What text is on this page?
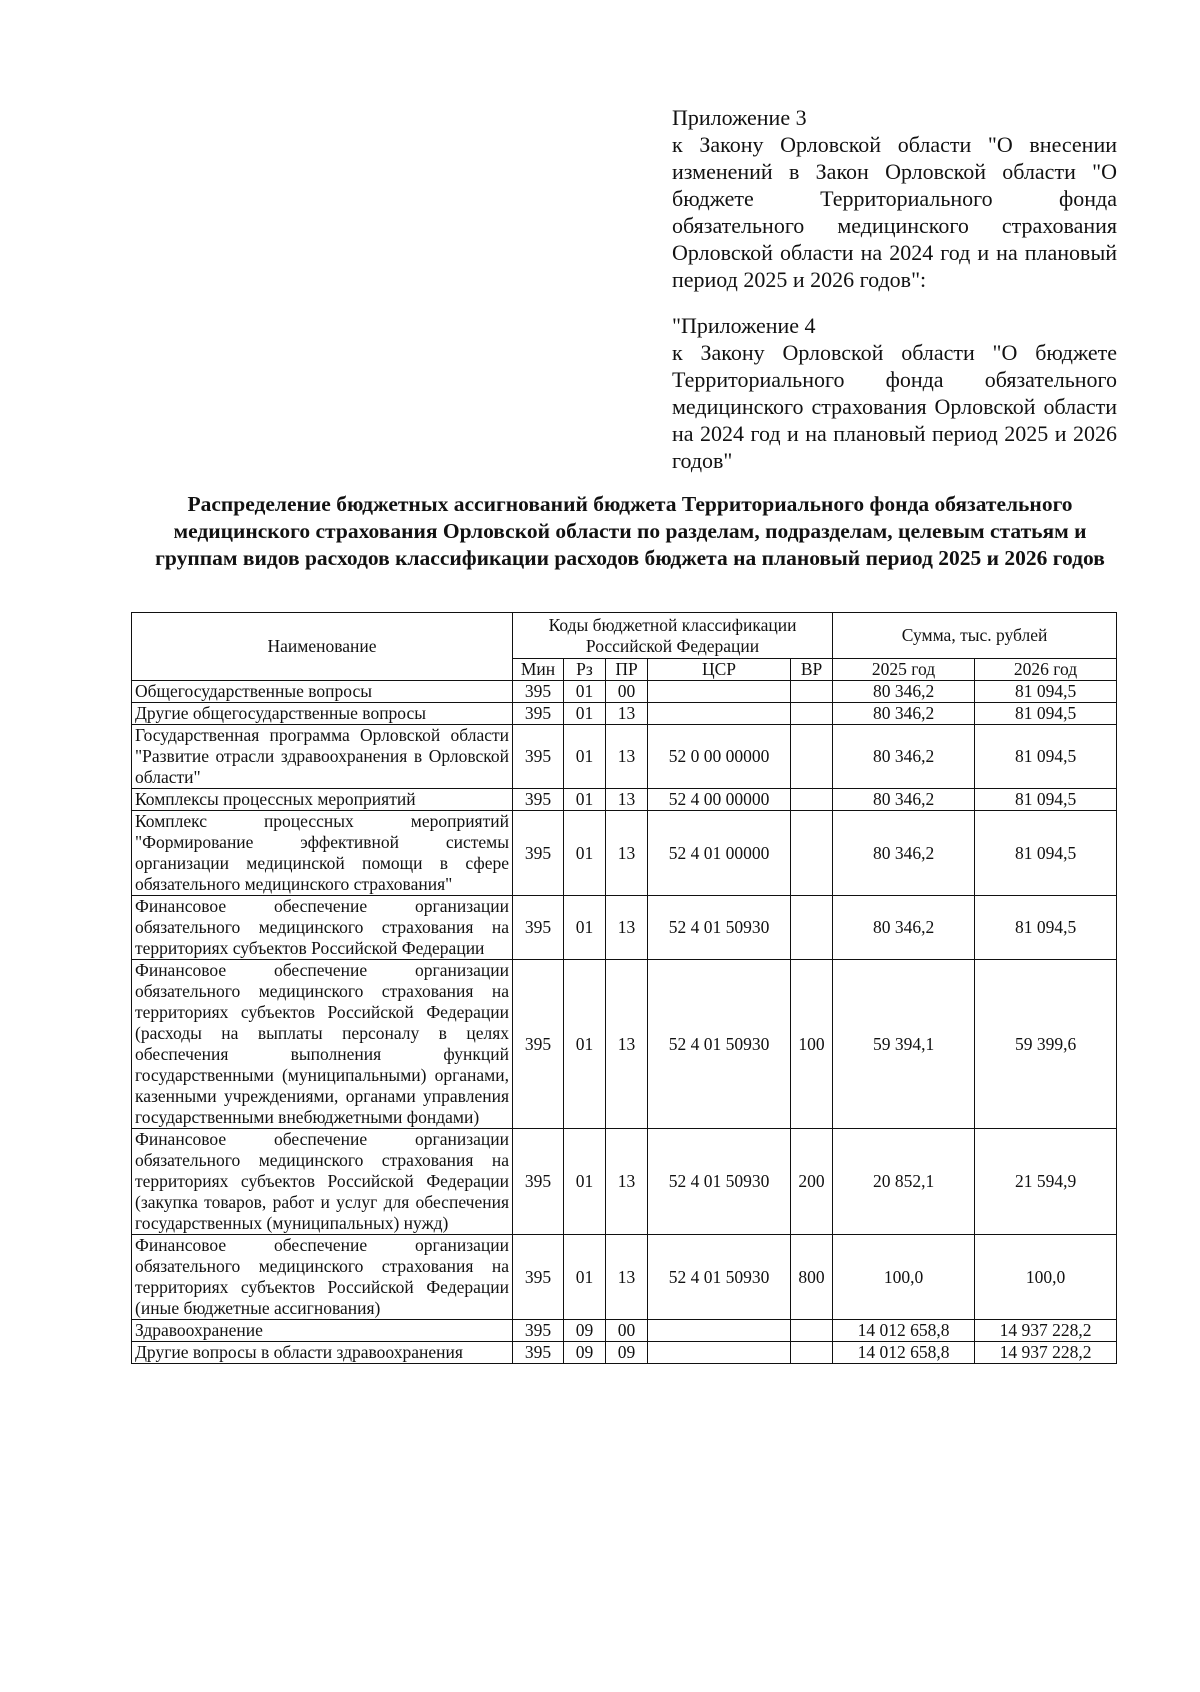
Приложение 3

к Закону Орловской области "О внесении изменений в Закон Орловской области "О бюджете Территориального фонда обязательного медицинского страхования Орловской области на 2024 год и на плановый период 2025 и 2026 годов":

"Приложение 4

к Закону Орловской области "О бюджете Территориального фонда обязательного медицинского страхования Орловской области на 2024 год и на плановый период 2025 и 2026 годов"

Распределение бюджетных ассигнований бюджета Территориального фонда обязательного медицинского страхования Орловской области по разделам, подразделам, целевым статьям и группам видов расходов классификации расходов бюджета на плановый период 2025 и 2026 годов
Наименование	Коды бюджетной классификации Российской Федерации					Сумма, тыс. рублей	
	Мин	Рз	ПР	ЦСР	ВР	2025 год	2026 год
Общегосударственные вопросы	395	01	00			80 346,2	81 094,5
Другие общегосударственные вопросы	395	01	13			80 346,2	81 094,5
Государственная программа Орловской области "Развитие отрасли здравоохранения в Орловской области"	395	01	13	52 0 00 00000		80 346,2	81 094,5
Комплексы процессных мероприятий	395	01	13	52 4 00 00000		80 346,2	81 094,5
Комплекс процессных мероприятий "Формирование эффективной системы организации медицинской помощи в сфере обязательного медицинского страхования"	395	01	13	52 4 01 00000		80 346,2	81 094,5
Финансовое обеспечение организации обязательного медицинского страхования на территориях субъектов Российской Федерации	395	01	13	52 4 01 50930		80 346,2	81 094,5
Финансовое обеспечение организации обязательного медицинского страхования на территориях субъектов Российской Федерации (расходы на выплаты персоналу в целях обеспечения выполнения функций государственными (муниципальными) органами, казенными учреждениями, органами управления государственными внебюджетными фондами)	395	01	13	52 4 01 50930	100	59 394,1	59 399,6
Финансовое обеспечение организации обязательного медицинского страхования на территориях субъектов Российской Федерации (закупка товаров, работ и услуг для обеспечения государственных (муниципальных) нужд)	395	01	13	52 4 01 50930	200	20 852,1	21 594,9
Финансовое обеспечение организации обязательного медицинского страхования на территориях субъектов Российской Федерации (иные бюджетные ассигнования)	395	01	13	52 4 01 50930	800	100,0	100,0
Здравоохранение	395	09	00			14 012 658,8	14 937 228,2
Другие вопросы в области здравоохранения	395	09	09			14 012 658,8	14 937 228,2
